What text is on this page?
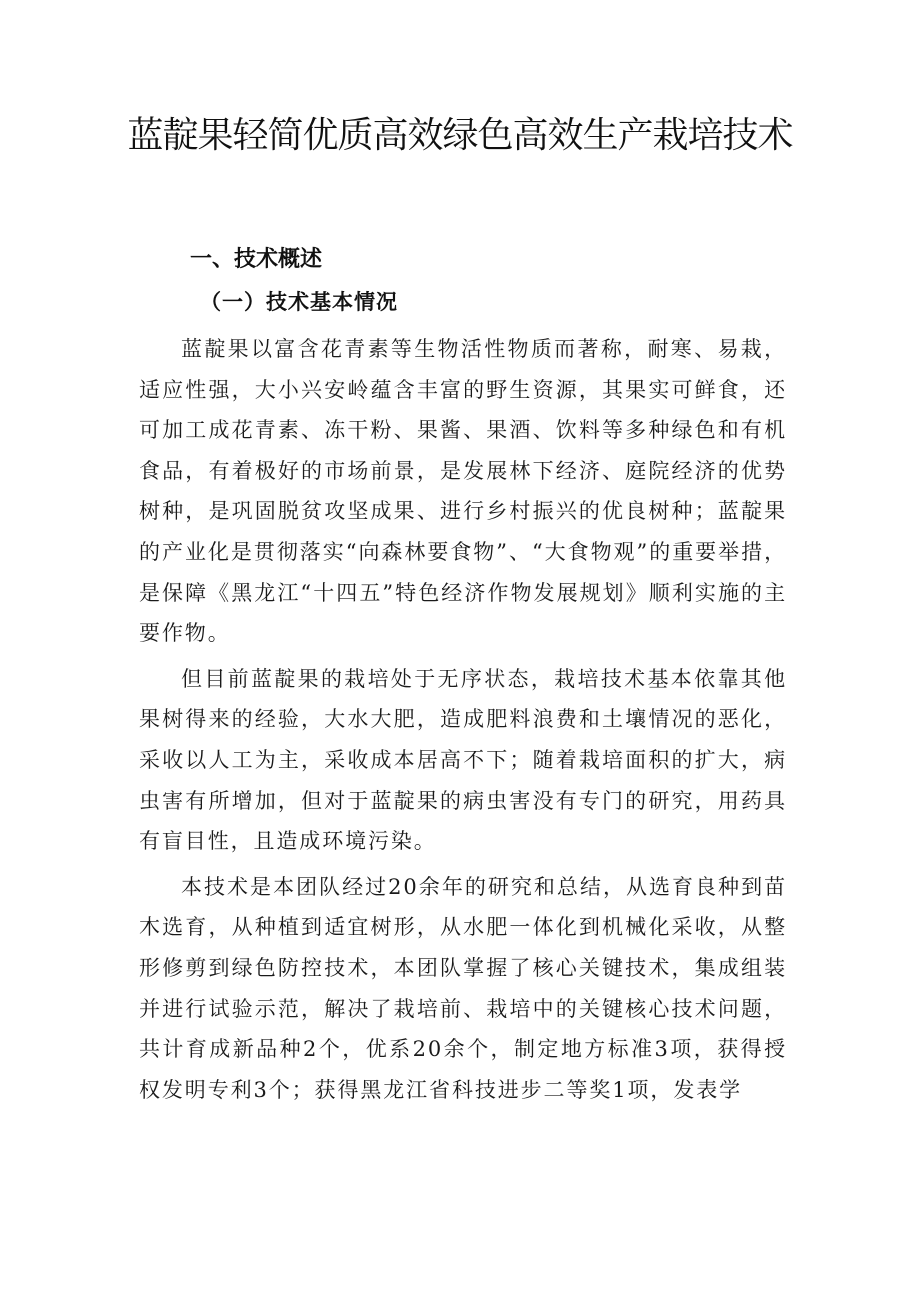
蓝靛果轻简优质高效绿色高效生产栽培技术
一、技术概述
（一）技术基本情况

蓝靛果以富含花青素等生物活性物质而著称，耐寒、易栽，适应性强，大小兴安岭蕴含丰富的野生资源，其果实可鲜食，还可加工成花青素、冻干粉、果酱、果酒、饮料等多种绿色和有机食品，有着极好的市场前景，是发展林下经济、庭院经济的优势树种，是巩固脱贫攻坚成果、进行乡村振兴的优良树种；蓝靛果的产业化是贯彻落实“向森林要食物”、“大食物观”的重要举措，是保障《黑龙江“十四五”特色经济作物发展规划》顺利实施的主要作物。

但目前蓝靛果的栽培处于无序状态，栽培技术基本依靠其他果树得来的经验，大水大肥，造成肥料浪费和土壤情况的恶化，采收以人工为主，采收成本居高不下；随着栽培面积的扩大，病虫害有所增加，但对于蓝靛果的病虫害没有专门的研究，用药具有盲目性，且造成环境污染。

本技术是本团队经过20余年的研究和总结，从选育良种到苗木选育，从种植到适宜树形，从水肥一体化到机械化采收，从整形修剪到绿色防控技术，本团队掌握了核心关键技术，集成组装并进行试验示范，解决了栽培前、栽培中的关键核心技术问题，共计育成新品种2个，优系20余个，制定地方标准3项，获得授权发明专利3个；获得黑龙江省科技进步二等奖1项，发表学
